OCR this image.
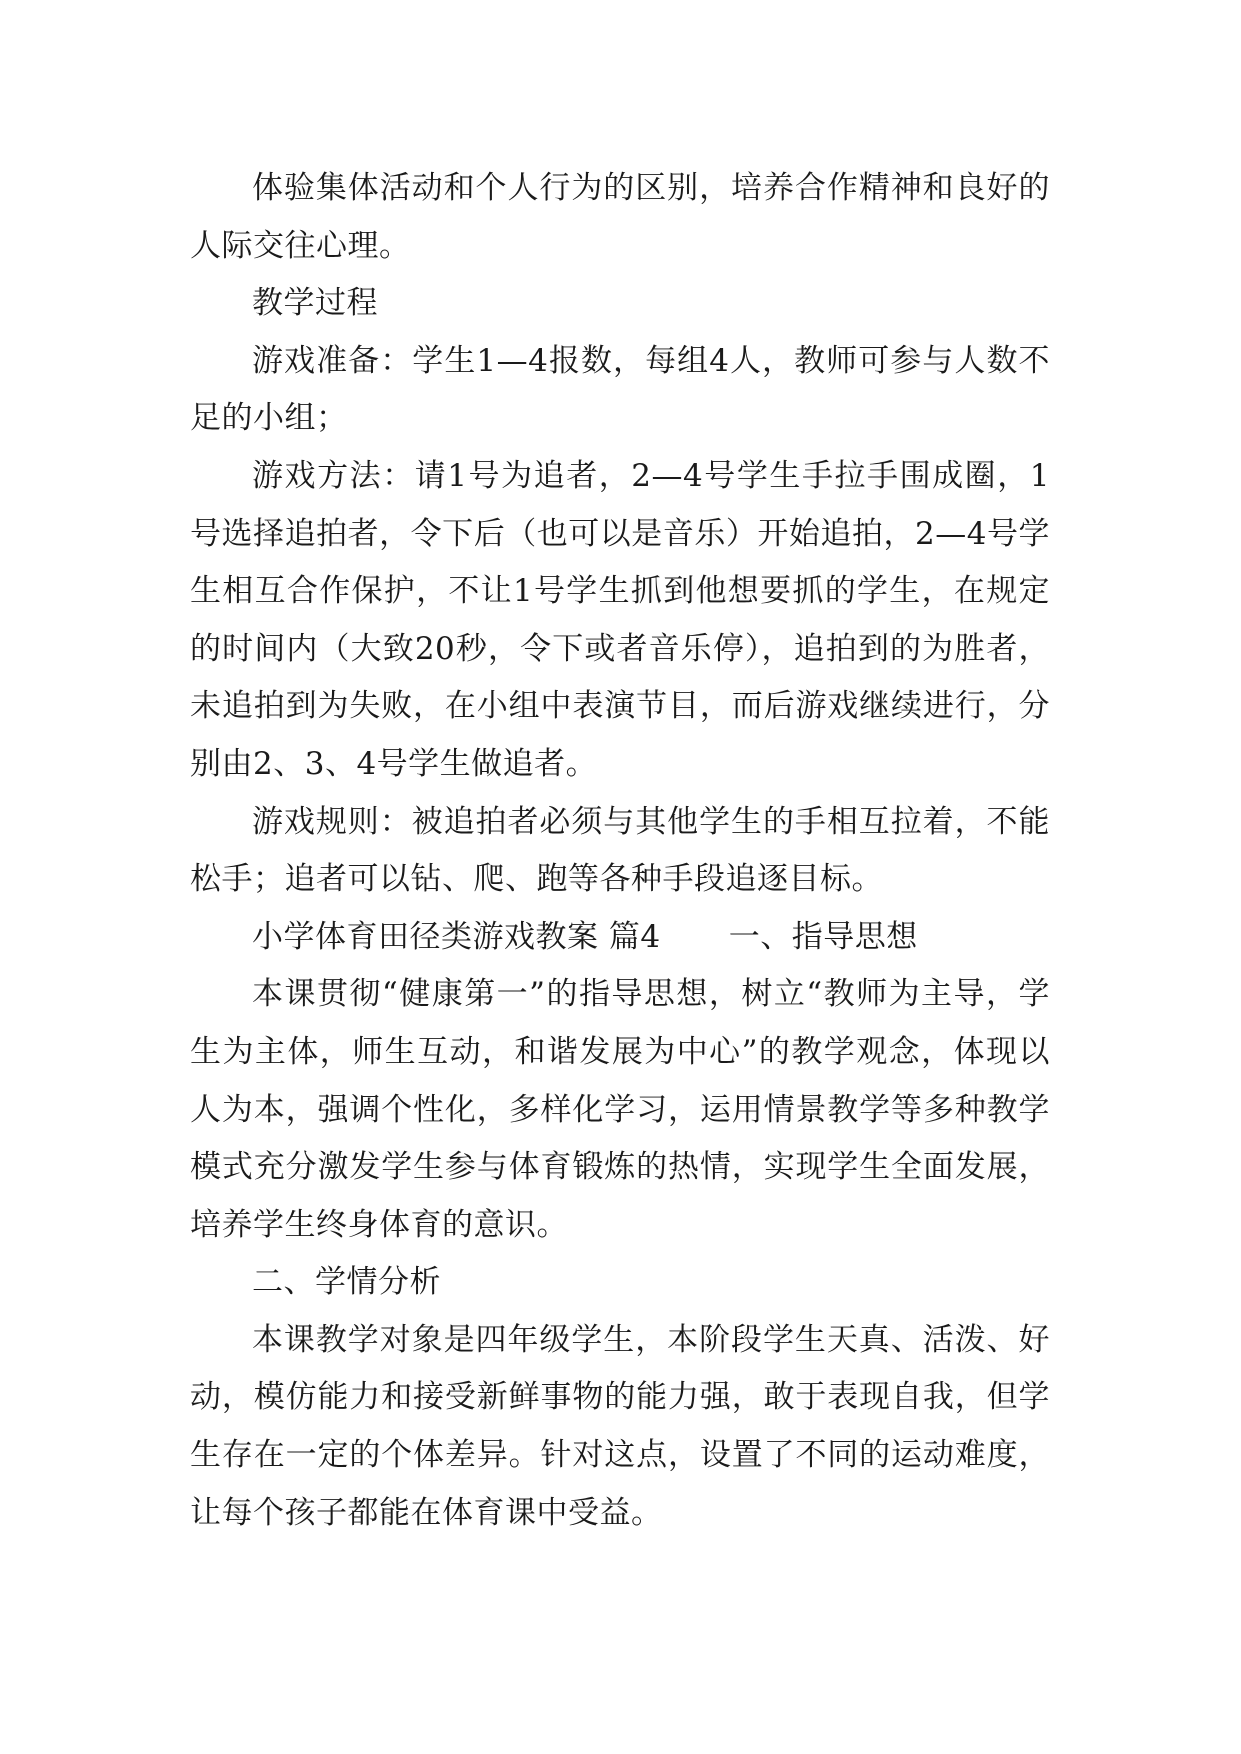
体验集体活动和个人行为的区别，培养合作精神和良好的人际交往心理。

教学过程

游戏准备：学生1—4报数，每组4人，教师可参与人数不足的小组；

游戏方法：请1号为追者，2—4号学生手拉手围成圈，1号选择追拍者，令下后（也可以是音乐）开始追拍，2—4号学生相互合作保护，不让1号学生抓到他想要抓的学生，在规定的时间内（大致20秒，令下或者音乐停），追拍到的为胜者，未追拍到为失败，在小组中表演节目，而后游戏继续进行，分别由2、3、4号学生做追者。

游戏规则：被追拍者必须与其他学生的手相互拉着，不能松手；追者可以钻、爬、跑等各种手段追逐目标。

小学体育田径类游戏教案 篇4 一、指导思想

本课贯彻“健康第一”的指导思想，树立“教师为主导，学生为主体，师生互动，和谐发展为中心”的教学观念，体现以人为本，强调个性化，多样化学习，运用情景教学等多种教学模式充分激发学生参与体育锻炼的热情，实现学生全面发展，培养学生终身体育的意识。

二、学情分析

本课教学对象是四年级学生，本阶段学生天真、活泼、好动，模仿能力和接受新鲜事物的能力强，敢于表现自我，但学生存在一定的个体差异。针对这点，设置了不同的运动难度，让每个孩子都能在体育课中受益。
